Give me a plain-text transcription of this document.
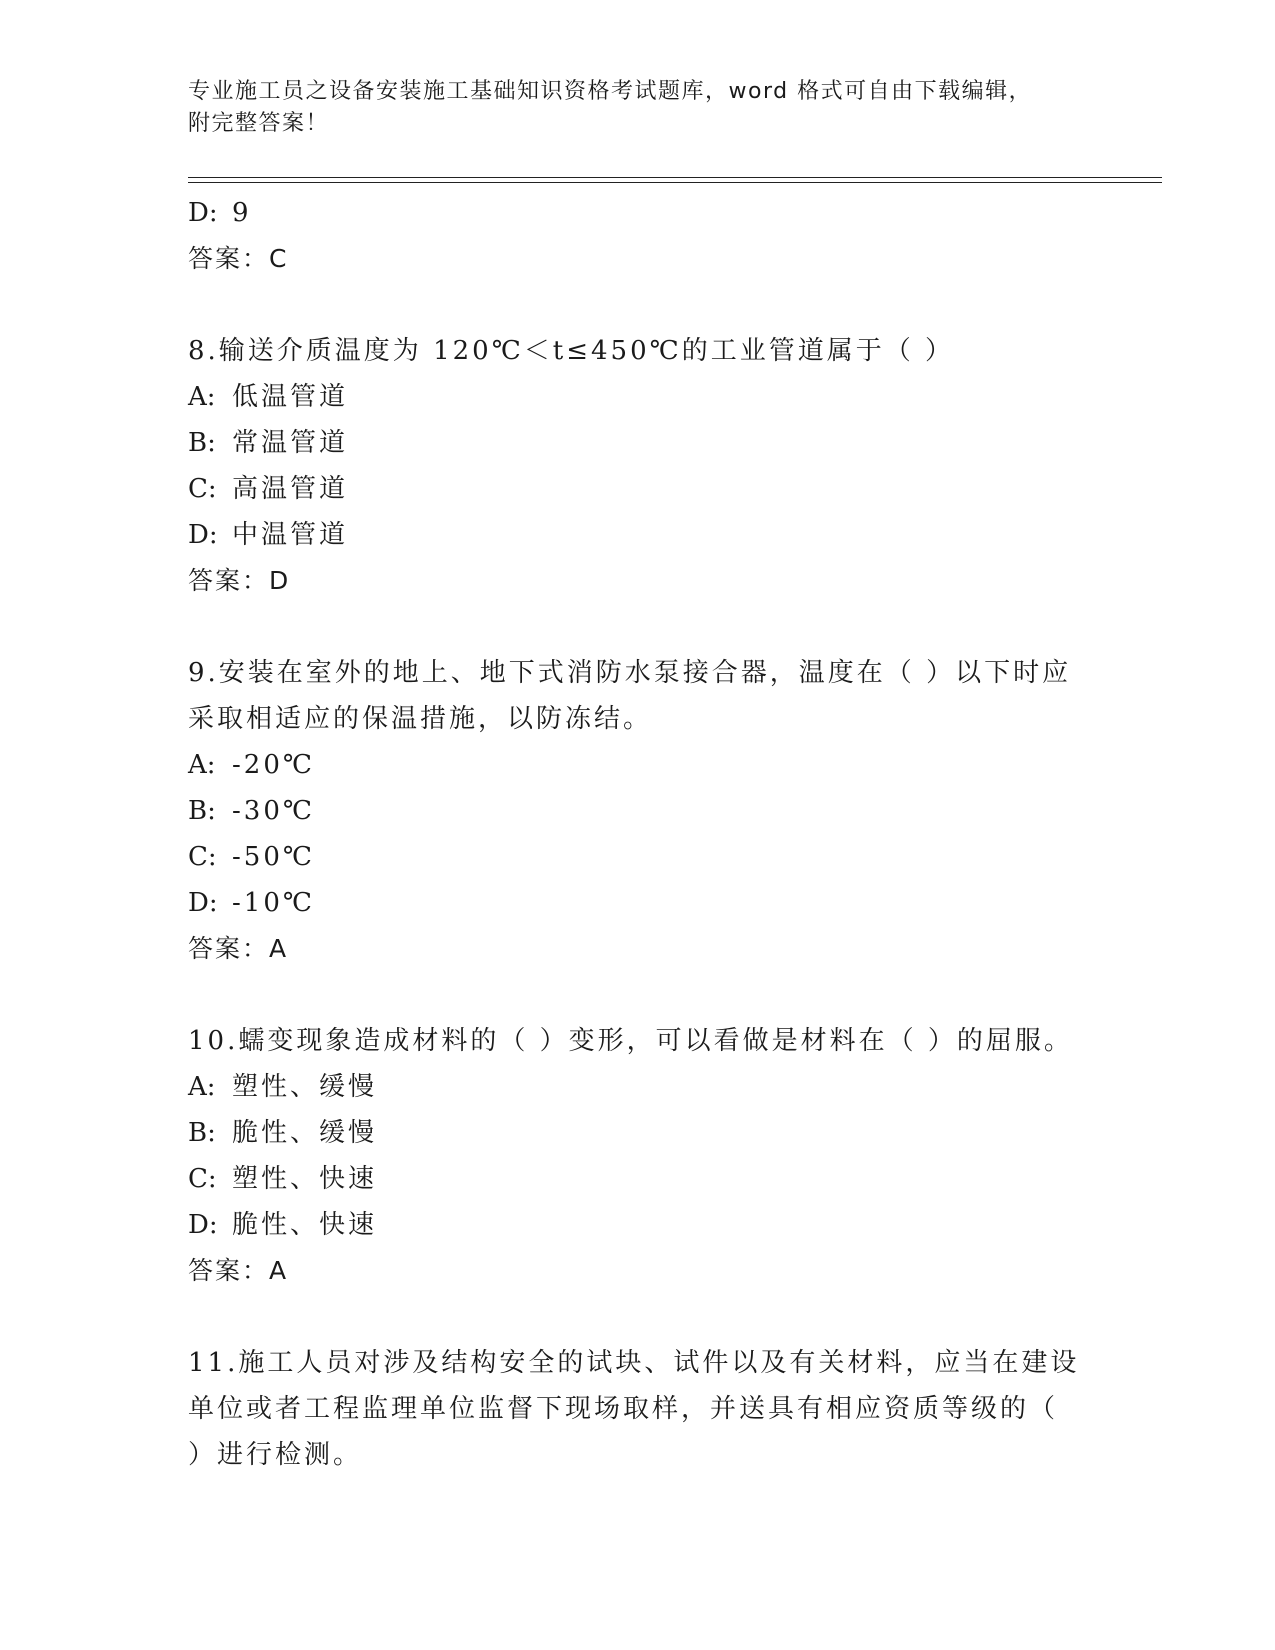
专业施工员之设备安装施工基础知识资格考试题库，word 格式可自由下载编辑，
附完整答案！
D: 9
答案：C
8.输送介质温度为 120℃＜t≤450℃的工业管道属于（ ）
A: 低温管道
B: 常温管道
C: 高温管道
D: 中温管道
答案：D
9.安装在室外的地上、地下式消防水泵接合器，温度在（ ）以下时应
采取相适应的保温措施，以防冻结。
A: -20℃
B: -30℃
C: -50℃
D: -10℃
答案：A
10.蠕变现象造成材料的（ ）变形，可以看做是材料在（ ）的屈服。
A: 塑性、缓慢
B: 脆性、缓慢
C: 塑性、快速
D: 脆性、快速
答案：A
11.施工人员对涉及结构安全的试块、试件以及有关材料，应当在建设
单位或者工程监理单位监督下现场取样，并送具有相应资质等级的（
）进行检测。
